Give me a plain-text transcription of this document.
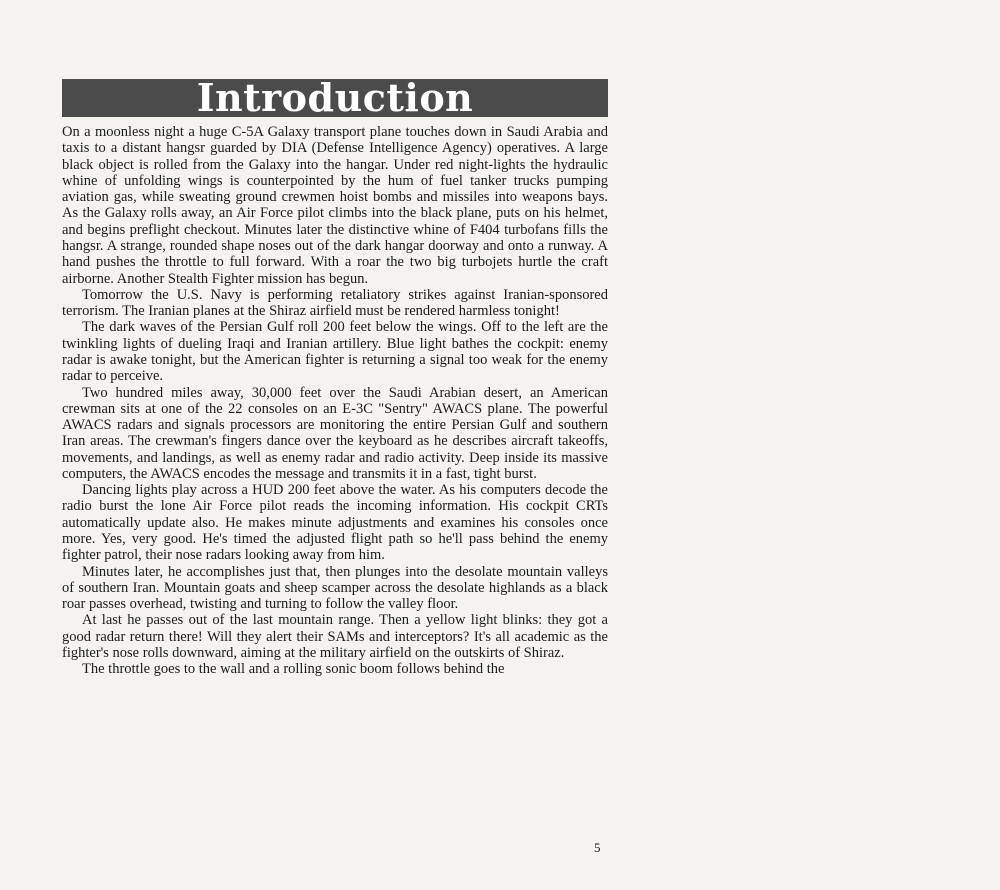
Introduction

On a moonless night a huge C-5A Galaxy transport plane touches down in Saudi Arabia and taxis to a distant hangsr guarded by DIA (Defense Intelligence Agency) operatives. A large black object is rolled from the Galaxy into the hangar. Under red night-lights the hydraulic whine of unfolding wings is counterpointed by the hum of fuel tanker trucks pumping aviation gas, while sweating ground crewmen hoist bombs and missiles into weapons bays. As the Galaxy rolls away, an Air Force pilot climbs into the black plane, puts on his helmet, and begins preflight checkout. Minutes later the distinctive whine of F404 turbofans fills the hangsr. A strange, rounded shape noses out of the dark hangar doorway and onto a runway. A hand pushes the throttle to full forward. With a roar the two big turbojets hurtle the craft airborne. Another Stealth Fighter mission has begun.

Tomorrow the U.S. Navy is performing retaliatory strikes against Iranian-sponsored terrorism. The Iranian planes at the Shiraz airfield must be rendered harmless tonight!

The dark waves of the Persian Gulf roll 200 feet below the wings. Off to the left are the twinkling lights of dueling Iraqi and Iranian artillery. Blue light bathes the cockpit: enemy radar is awake tonight, but the American fighter is returning a signal too weak for the enemy radar to perceive.

Two hundred miles away, 30,000 feet over the Saudi Arabian desert, an American crewman sits at one of the 22 consoles on an E-3C "Sentry" AWACS plane. The powerful AWACS radars and signals processors are monitoring the entire Persian Gulf and southern Iran areas. The crewman's fingers dance over the keyboard as he describes aircraft takeoffs, movements, and landings, as well as enemy radar and radio activity. Deep inside its massive computers, the AWACS encodes the message and transmits it in a fast, tight burst.

Dancing lights play across a HUD 200 feet above the water. As his computers decode the radio burst the lone Air Force pilot reads the incoming information. His cockpit CRTs automatically update also. He makes minute adjustments and examines his consoles once more. Yes, very good. He's timed the adjusted flight path so he'll pass behind the enemy fighter patrol, their nose radars looking away from him.

Minutes later, he accomplishes just that, then plunges into the desolate mountain valleys of southern Iran. Mountain goats and sheep scamper across the desolate highlands as a black roar passes overhead, twisting and turning to follow the valley floor.

At last he passes out of the last mountain range. Then a yellow light blinks: they got a good radar return there! Will they alert their SAMs and interceptors? It's all academic as the fighter's nose rolls downward, aiming at the military airfield on the outskirts of Shiraz.

The throttle goes to the wall and a rolling sonic boom follows behind the

5
